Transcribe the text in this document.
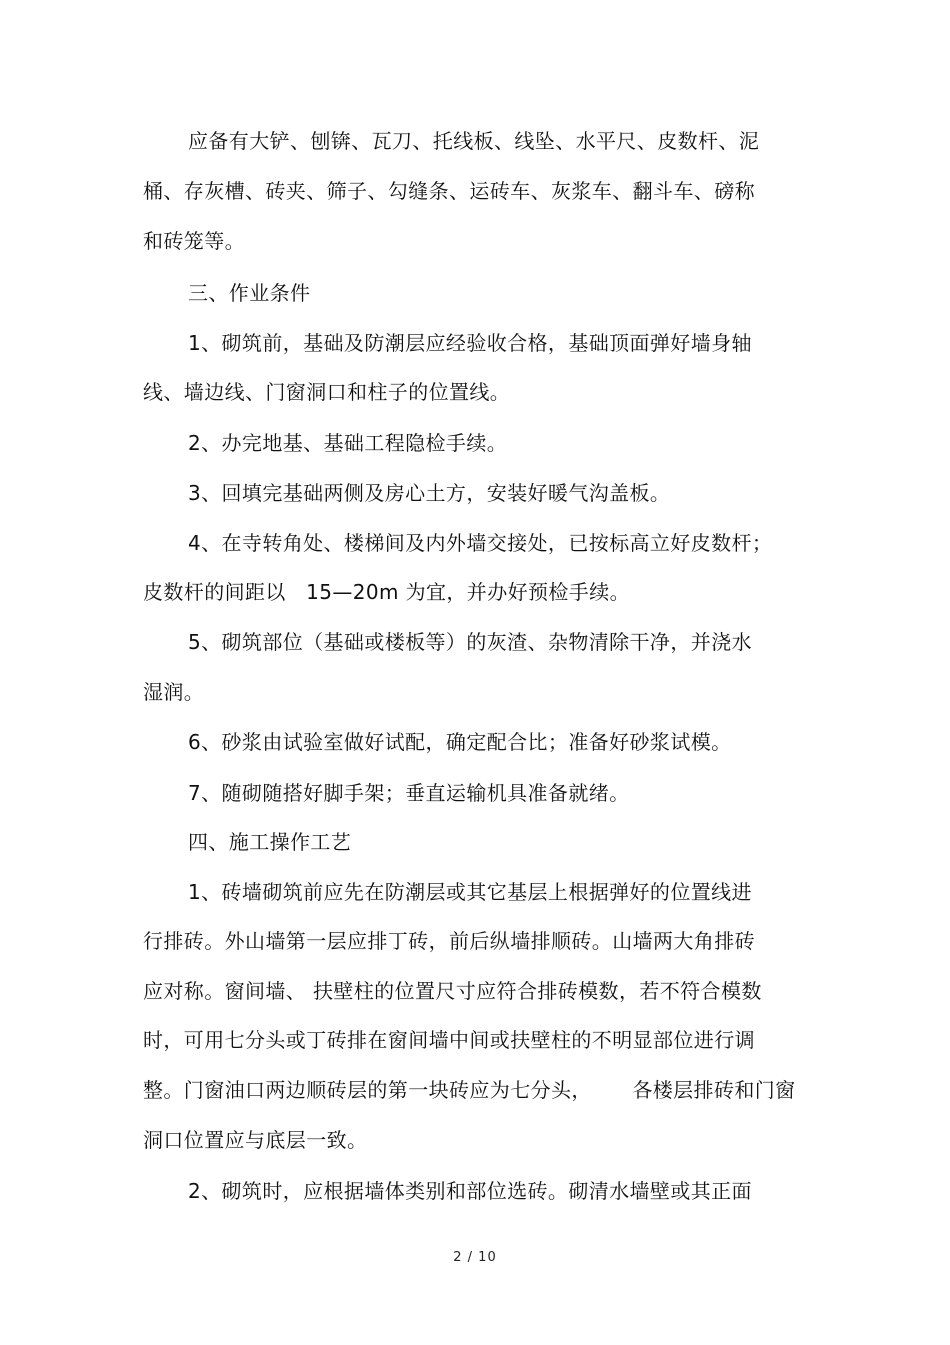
应备有大铲、刨锛、瓦刀、托线板、线坠、水平尺、皮数杆、泥
桶、存灰槽、砖夹、筛子、勾缝条、运砖车、灰浆车、翻斗车、磅称
和砖笼等。
三、作业条件
1、砌筑前，基础及防潮层应经验收合格，基础顶面弹好墙身轴
线、墙边线、门窗洞口和柱子的位置线。
2、办完地基、基础工程隐检手续。
3、回填完基础两侧及房心土方，安装好暖气沟盖板。
4、在寺转角处、楼梯间及内外墙交接处，已按标高立好皮数杆；
皮数杆的间距以   15—20m 为宜，并办好预检手续。
5、砌筑部位（基础或楼板等）的灰渣、杂物清除干净，并浇水
湿润。
6、砂浆由试验室做好试配，确定配合比；准备好砂浆试模。
7、随砌随搭好脚手架；垂直运输机具准备就绪。
四、施工操作工艺
1、砖墙砌筑前应先在防潮层或其它基层上根据弹好的位置线进
行排砖。外山墙第一层应排丁砖，前后纵墙排顺砖。山墙两大角排砖
应对称。窗间墙、 扶壁柱的位置尺寸应符合排砖模数，若不符合模数
时，可用七分头或丁砖排在窗间墙中间或扶壁柱的不明显部位进行调
整。门窗油口两边顺砖层的第一块砖应为七分头，      各楼层排砖和门窗
洞口位置应与底层一致。
2、砌筑时，应根据墙体类别和部位选砖。砌清水墙壁或其正面
2 / 10
